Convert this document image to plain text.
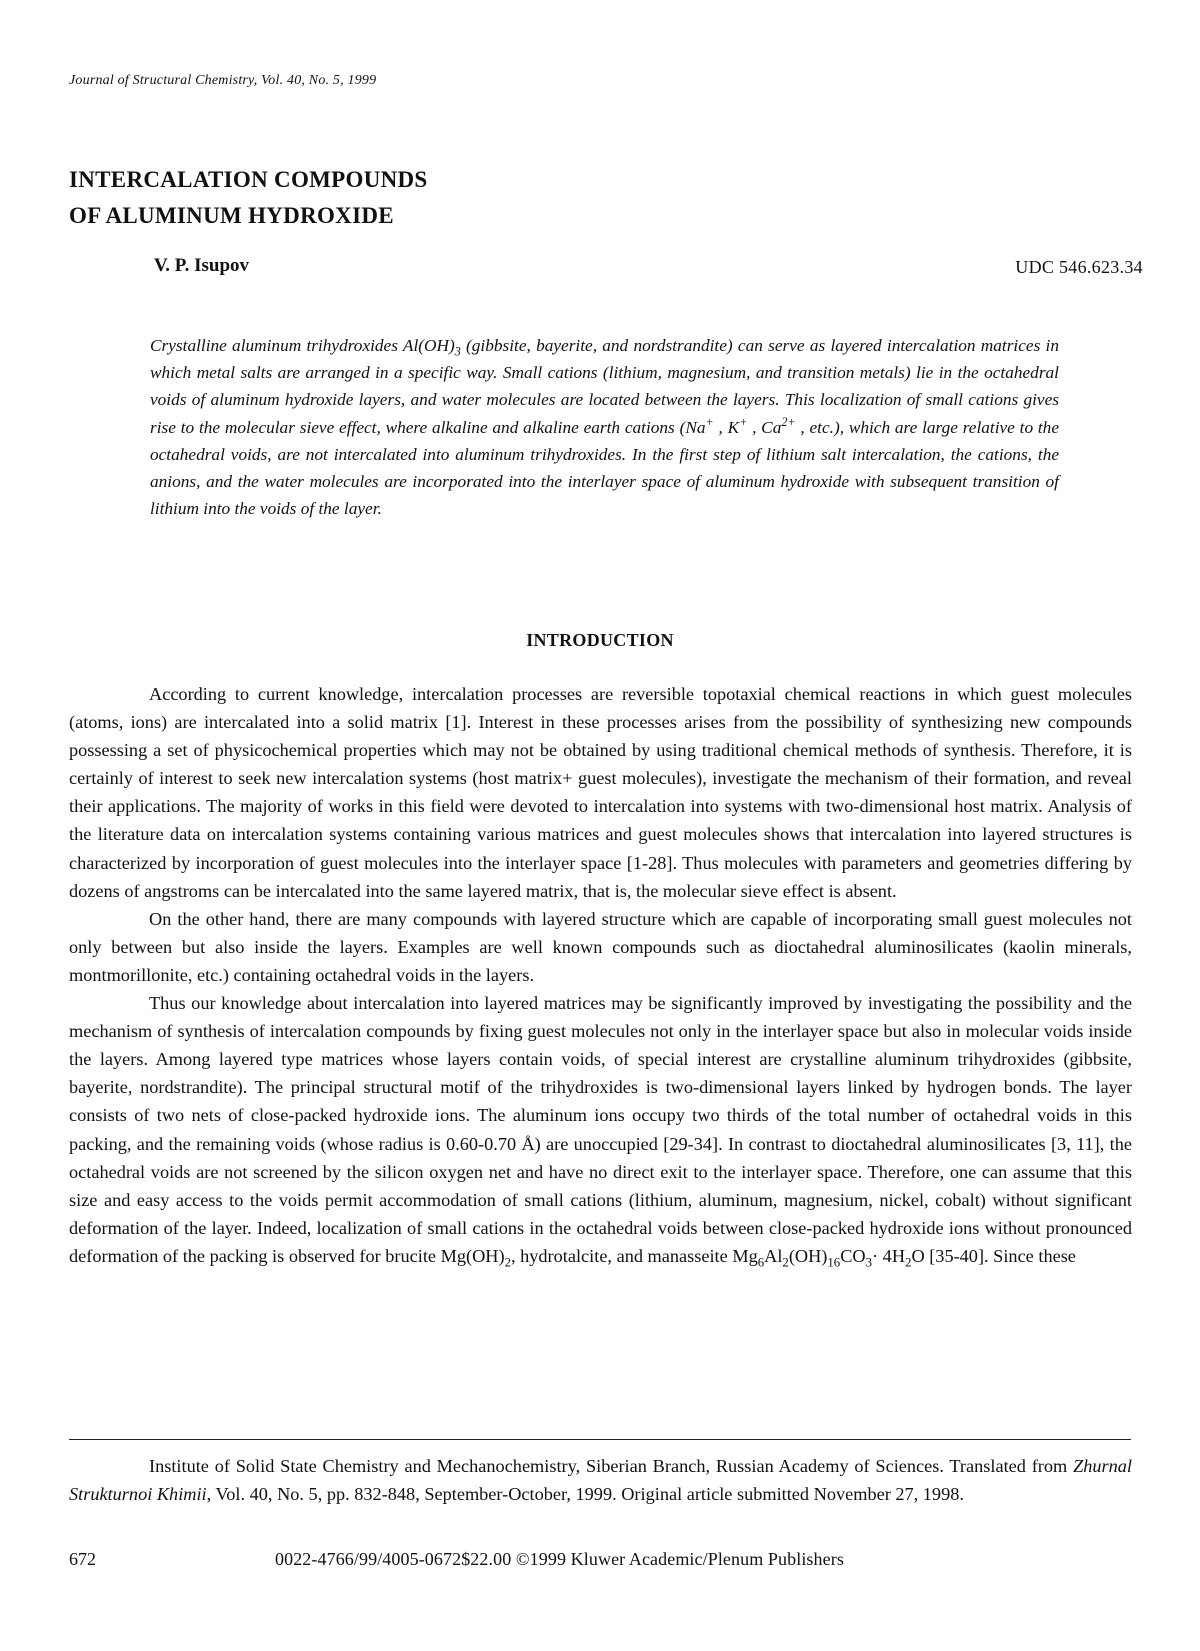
Journal of Structural Chemistry, Vol. 40, No. 5, 1999
INTERCALATION COMPOUNDS
OF ALUMINUM HYDROXIDE
V. P. Isupov	UDC 546.623.34
Crystalline aluminum trihydroxides $Al(OH)_3$ (gibbsite, bayerite, and nordstrandite) can serve as layered intercalation matrices in which metal salts are arranged in a specific way. Small cations (lithium, magnesium, and transition metals) lie in the octahedral voids of aluminum hydroxide layers, and water molecules are located between the layers. This localization of small cations gives rise to the molecular sieve effect, where alkaline and alkaline earth cations (Na+ , K+ , $Ca^{2+}$ , etc.), which are large relative to the octahedral voids, are not intercalated into aluminum trihydroxides. In the first step of lithium salt intercalation, the cations, the anions, and the water molecules are incorporated into the interlayer space of aluminum hydroxide with subsequent transition of lithium into the voids of the layer.
INTRODUCTION

According to current knowledge, intercalation processes are reversible topotaxial chemical reactions in which guest molecules (atoms, ions) are intercalated into a solid matrix [1]. Interest in these processes arises from the possibility of synthesizing new compounds possessing a set of physicochemical properties which may not be obtained by using traditional chemical methods of synthesis. Therefore, it is certainly of interest to seek new intercalation systems (host matrix+ guest molecules), investigate the mechanism of their formation, and reveal their applications. The majority of works in this field were devoted to intercalation into systems with two-dimensional host matrix. Analysis of the literature data on intercalation systems containing various matrices and guest molecules shows that intercalation into layered structures is characterized by incorporation of guest molecules into the interlayer space [1-28]. Thus molecules with parameters and geometries differing by dozens of angstroms can be intercalated into the same layered matrix, that is, the molecular sieve effect is absent.

On the other hand, there are many compounds with layered structure which are capable of incorporating small guest molecules not only between but also inside the layers. Examples are well known compounds such as dioctahedral aluminosilicates (kaolin minerals, montmorillonite, etc.) containing octahedral voids in the layers.

Thus our knowledge about intercalation into layered matrices may be significantly improved by investigating the possibility and the mechanism of synthesis of intercalation compounds by fixing guest molecules not only in the interlayer space but also in molecular voids inside the layers. Among layered type matrices whose layers contain voids, of special interest are crystalline aluminum trihydroxides (gibbsite, bayerite, nordstrandite). The principal structural motif of the trihydroxides is two-dimensional layers linked by hydrogen bonds. The layer consists of two nets of close-packed hydroxide ions. The aluminum ions occupy two thirds of the total number of octahedral voids in this packing, and the remaining voids (whose radius is 0.60-0.70 Å) are unoccupied [29-34]. In contrast to dioctahedral aluminosilicates [3, 11], the octahedral voids are not screened by the silicon oxygen net and have no direct exit to the interlayer space. Therefore, one can assume that this size and easy access to the voids permit accommodation of small cations (lithium, aluminum, magnesium, nickel, cobalt) without significant deformation of the layer. Indeed, localization of small cations in the octahedral voids between close-packed hydroxide ions without pronounced deformation of the packing is observed for brucite $Mg(OH)_2$, hydrotalcite, and manasseite $Mg_6Al_2(OH)_{16}CO_3\cdot 4H_2O$ [35-40]. Since these

Institute of Solid State Chemistry and Mechanochemistry, Siberian Branch, Russian Academy of Sciences. Translated from Zhurnal Strukturnoi Khimii, Vol. 40, No. 5, pp. 832-848, September-October, 1999. Original article submitted November 27, 1998.
672	0022-4766/99/4005-0672$22.00 ©1999 Kluwer Academic/Plenum Publishers
